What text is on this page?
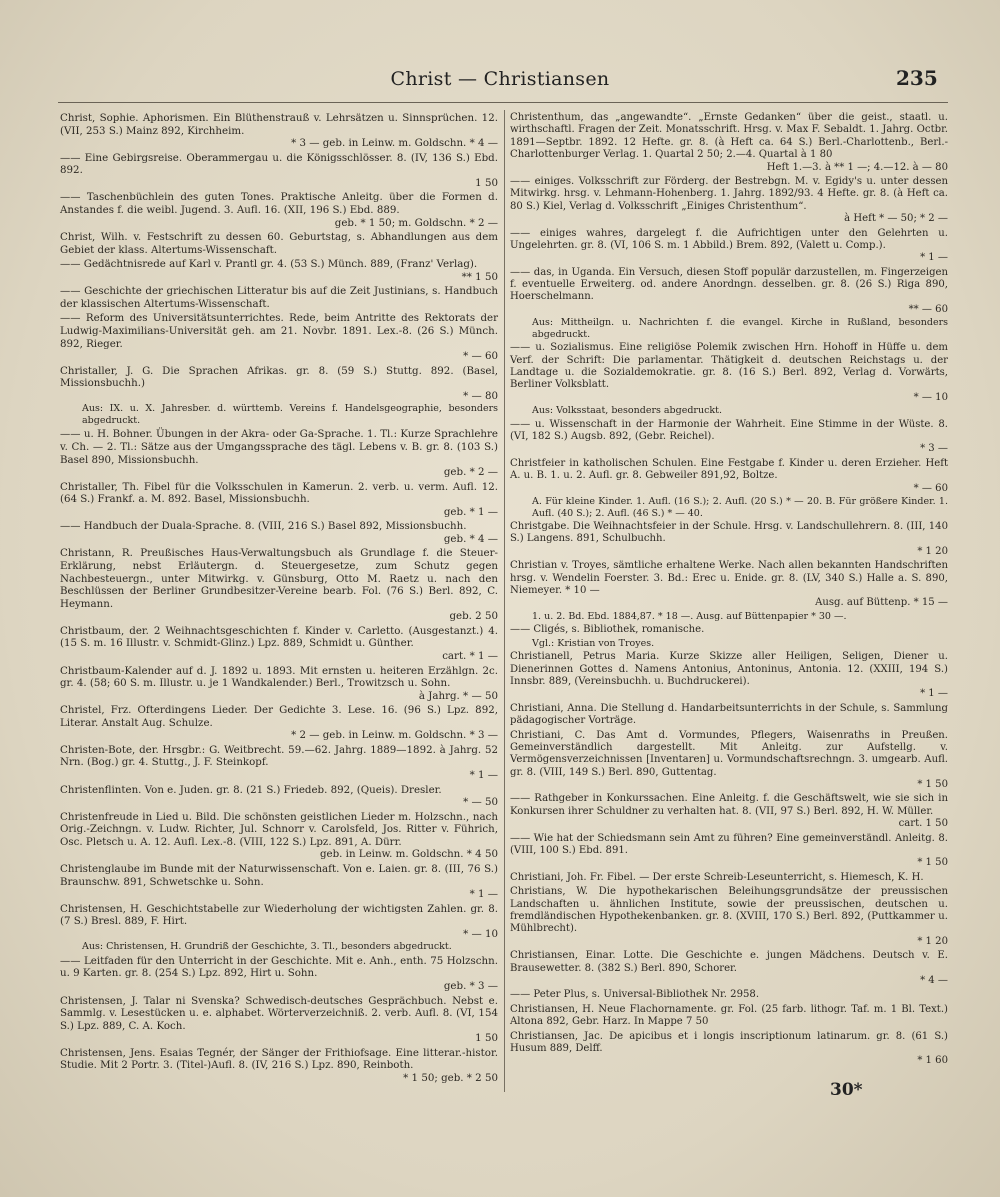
Christ — Christiansen	235
Christ, Sophie. Aphorismen. Ein Blüthenstrauß v. Lehrsätzen u. Sinnsprüchen. 12. (VII, 253 S.) Mainz 892, Kirchheim.
* 3 — geb. in Leinw. m. Goldschn. * 4 —
—— Eine Gebirgsreise. Oberammergau u. die Königsschlösser. 8. (IV, 136 S.) Ebd. 892.
1 50
—— Taschenbüchlein des guten Tones. Praktische Anleitg. über die Formen d. Anstandes f. die weibl. Jugend. 3. Aufl. 16. (XII, 196 S.) Ebd. 889.
geb. * 1 50; m. Goldschn. * 2 —
Christ, Wilh. v. Festschrift zu dessen 60. Geburtstag, s. Abhandlungen aus dem Gebiet der klass. Altertums-Wissenschaft.
—— Gedächtnisrede auf Karl v. Prantl gr. 4. (53 S.) Münch. 889, (Franz' Verlag).
** 1 50
—— Geschichte der griechischen Litteratur bis auf die Zeit Justinians, s. Handbuch der klassischen Altertums-Wissenschaft.
—— Reform des Universitätsunterrichtes. Rede, beim Antritte des Rektorats der Ludwig-Maximilians-Universität geh. am 21. Novbr. 1891. Lex.-8. (26 S.) Münch. 892, Rieger.
* — 60
Christaller, J. G. Die Sprachen Afrikas. gr. 8. (59 S.) Stuttg. 892. (Basel, Missionsbuchh.)
* — 80
Aus: IX. u. X. Jahresber. d. württemb. Vereins f. Handelsgeographie, besonders abgedruckt.
—— u. H. Bohner. Übungen in der Akra- oder Ga-Sprache. 1. Tl.: Kurze Sprachlehre v. Ch. — 2. Tl.: Sätze aus der Umgangssprache des tägl. Lebens v. B. gr. 8. (103 S.) Basel 890, Missionsbuchh.
geb. * 2 —
Christaller, Th. Fibel für die Volksschulen in Kamerun. 2. verb. u. verm. Aufl. 12. (64 S.) Frankf. a. M. 892. Basel, Missionsbuchh.
geb. * 1 —
—— Handbuch der Duala-Sprache. 8. (VIII, 216 S.) Basel 892, Missionsbuchh.
geb. * 4 —
Christann, R. Preußisches Haus-Verwaltungsbuch als Grundlage f. die Steuer-Erklärung, nebst Erläutergn. d. Steuergesetze, zum Schutz gegen Nachbesteuergn., unter Mitwirkg. v. Günsburg, Otto M. Raetz u. nach den Beschlüssen der Berliner Grundbesitzer-Vereine bearb. Fol. (76 S.) Berl. 892, C. Heymann.
geb. 2 50
Christbaum, der. 2 Weihnachtsgeschichten f. Kinder v. Carletto. (Ausgestanzt.) 4. (15 S. m. 16 Illustr. v. Schmidt-Glinz.) Lpz. 889, Schmidt u. Günther.
cart. * 1 —
Christbaum-Kalender auf d. J. 1892 u. 1893. Mit ernsten u. heiteren Erzählgn. 2c. gr. 4. (58; 60 S. m. Illustr. u. je 1 Wandkalender.) Berl., Trowitzsch u. Sohn.
à Jahrg. * — 50
Christel, Frz. Ofterdingens Lieder. Der Gedichte 3. Lese. 16. (96 S.) Lpz. 892, Literar. Anstalt Aug. Schulze.
* 2 — geb. in Leinw. m. Goldschn. * 3 —
Christen-Bote, der. Hrsgbr.: G. Weitbrecht. 59.—62. Jahrg. 1889—1892. à Jahrg. 52 Nrn. (Bog.) gr. 4. Stuttg., J. F. Steinkopf.
* 1 —
Christenflinten. Von e. Juden. gr. 8. (21 S.) Friedeb. 892, (Queis). Dresler.
* — 50
Christenfreude in Lied u. Bild. Die schönsten geistlichen Lieder m. Holzschn., nach Orig.-Zeichngn. v. Ludw. Richter, Jul. Schnorr v. Carolsfeld, Jos. Ritter v. Führich, Osc. Pletsch u. A. 12. Aufl. Lex.-8. (VIII, 122 S.) Lpz. 891, A. Dürr.
geb. in Leinw. m. Goldschn. * 4 50
Christenglaube im Bunde mit der Naturwissenschaft. Von e. Laien. gr. 8. (III, 76 S.) Braunschw. 891, Schwetschke u. Sohn.
* 1 —
Christensen, H. Geschichtstabelle zur Wiederholung der wichtigsten Zahlen. gr. 8. (7 S.) Bresl. 889, F. Hirt.
* — 10
Aus: Christensen, H. Grundriß der Geschichte, 3. Tl., besonders abgedruckt.
—— Leitfaden für den Unterricht in der Geschichte. Mit e. Anh., enth. 75 Holzschn. u. 9 Karten. gr. 8. (254 S.) Lpz. 892, Hirt u. Sohn.
geb. * 3 —
Christensen, J. Talar ni Svenska? Schwedisch-deutsches Gesprächbuch. Nebst e. Sammlg. v. Lesestücken u. e. alphabet. Wörterverzeichniß. 2. verb. Aufl. 8. (VI, 154 S.) Lpz. 889, C. A. Koch.
1 50
Christensen, Jens. Esaias Tegnér, der Sänger der Frithiofsage. Eine litterar.-histor. Studie. Mit 2 Portr. 3. (Titel-)Aufl. 8. (IV, 216 S.) Lpz. 890, Reinboth.
* 1 50; geb. * 2 50
Christenthum, das „angewandte“. „Ernste Gedanken“ über die geist., staatl. u. wirthschaftl. Fragen der Zeit. Monatsschrift. Hrsg. v. Max F. Sebaldt. 1. Jahrg. Octbr. 1891—Septbr. 1892. 12 Hefte. gr. 8. (à Heft ca. 64 S.) Berl.-Charlottenb., Berl.-Charlottenburger Verlag. 1. Quartal 2 50; 2.—4. Quartal à 1 80
Heft 1.—3. à ** 1 —; 4.—12. à — 80
—— einiges. Volksschrift zur Förderg. der Bestrebgn. M. v. Egidy's u. unter dessen Mitwirkg. hrsg. v. Lehmann-Hohenberg. 1. Jahrg. 1892/93. 4 Hefte. gr. 8. (à Heft ca. 80 S.) Kiel, Verlag d. Volksschrift „Einiges Christenthum“.
à Heft * — 50; * 2 —
—— einiges wahres, dargelegt f. die Aufrichtigen unter den Gelehrten u. Ungelehrten. gr. 8. (VI, 106 S. m. 1 Abbild.) Brem. 892, (Valett u. Comp.).
* 1 —
—— das, in Uganda. Ein Versuch, diesen Stoff populär darzustellen, m. Fingerzeigen f. eventuelle Erweiterg. od. andere Anordngn. desselben. gr. 8. (26 S.) Riga 890, Hoerschelmann.
** — 60
Aus: Mittheilgn. u. Nachrichten f. die evangel. Kirche in Rußland, besonders abgedruckt.
—— u. Sozialismus. Eine religiöse Polemik zwischen Hrn. Hohoff in Hüffe u. dem Verf. der Schrift: Die parlamentar. Thätigkeit d. deutschen Reichstags u. der Landtage u. die Sozialdemokratie. gr. 8. (16 S.) Berl. 892, Verlag d. Vorwärts, Berliner Volksblatt.
* — 10
Aus: Volksstaat, besonders abgedruckt.
—— u. Wissenschaft in der Harmonie der Wahrheit. Eine Stimme in der Wüste. 8. (VI, 182 S.) Augsb. 892, (Gebr. Reichel).
* 3 —
Christfeier in katholischen Schulen. Eine Festgabe f. Kinder u. deren Erzieher. Heft A. u. B. 1. u. 2. Aufl. gr. 8. Gebweiler 891,92, Boltze.
* — 60
A. Für kleine Kinder. 1. Aufl. (16 S.); 2. Aufl. (20 S.) * — 20. B. Für größere Kinder. 1. Aufl. (40 S.); 2. Aufl. (46 S.) * — 40.
Christgabe. Die Weihnachtsfeier in der Schule. Hrsg. v. Landschullehrern. 8. (III, 140 S.) Langens. 891, Schulbuchh.
* 1 20
Christian v. Troyes, sämtliche erhaltene Werke. Nach allen bekannten Handschriften hrsg. v. Wendelin Foerster. 3. Bd.: Erec u. Enide. gr. 8. (LV, 340 S.) Halle a. S. 890, Niemeyer. * 10 —
Ausg. auf Büttenp. * 15 —
1. u. 2. Bd. Ebd. 1884,87. * 18 —. Ausg. auf Büttenpapier * 30 —.
—— Cligés, s. Bibliothek, romanische.
Vgl.: Kristian von Troyes.
Christianell, Petrus Maria. Kurze Skizze aller Heiligen, Seligen, Diener u. Dienerinnen Gottes d. Namens Antonius, Antoninus, Antonia. 12. (XXIII, 194 S.) Innsbr. 889, (Vereinsbuchh. u. Buchdruckerei).
* 1 —
Christiani, Anna. Die Stellung d. Handarbeitsunterrichts in der Schule, s. Sammlung pädagogischer Vorträge.
Christiani, C. Das Amt d. Vormundes, Pflegers, Waisenraths in Preußen. Gemeinverständlich dargestellt. Mit Anleitg. zur Aufstellg. v. Vermögensverzeichnissen [Inventaren] u. Vormundschaftsrechngn. 3. umgearb. Aufl. gr. 8. (VIII, 149 S.) Berl. 890, Guttentag.
* 1 50
—— Rathgeber in Konkurssachen. Eine Anleitg. f. die Geschäftswelt, wie sie sich in Konkursen ihrer Schuldner zu verhalten hat. 8. (VII, 97 S.) Berl. 892, H. W. Müller.
cart. 1 50
—— Wie hat der Schiedsmann sein Amt zu führen? Eine gemeinverständl. Anleitg. 8. (VIII, 100 S.) Ebd. 891.
* 1 50
Christiani, Joh. Fr. Fibel. — Der erste Schreib-Leseunterricht, s. Hiemesch, K. H.
Christians, W. Die hypothekarischen Beleihungsgrundsätze der preussischen Landschaften u. ähnlichen Institute, sowie der preussischen, deutschen u. fremdländischen Hypothekenbanken. gr. 8. (XVIII, 170 S.) Berl. 892, (Puttkammer u. Mühlbrecht).
* 1 20
Christiansen, Einar. Lotte. Die Geschichte e. jungen Mädchens. Deutsch v. E. Brausewetter. 8. (382 S.) Berl. 890, Schorer.
* 4 —
—— Peter Plus, s. Universal-Bibliothek Nr. 2958.
Christiansen, H. Neue Flachornamente. gr. Fol. (25 farb. lithogr. Taf. m. 1 Bl. Text.) Altona 892, Gebr. Harz. In Mappe 7 50
Christiansen, Jac. De apicibus et i longis inscriptionum latinarum. gr. 8. (61 S.) Husum 889, Delff.
* 1 60
30*
